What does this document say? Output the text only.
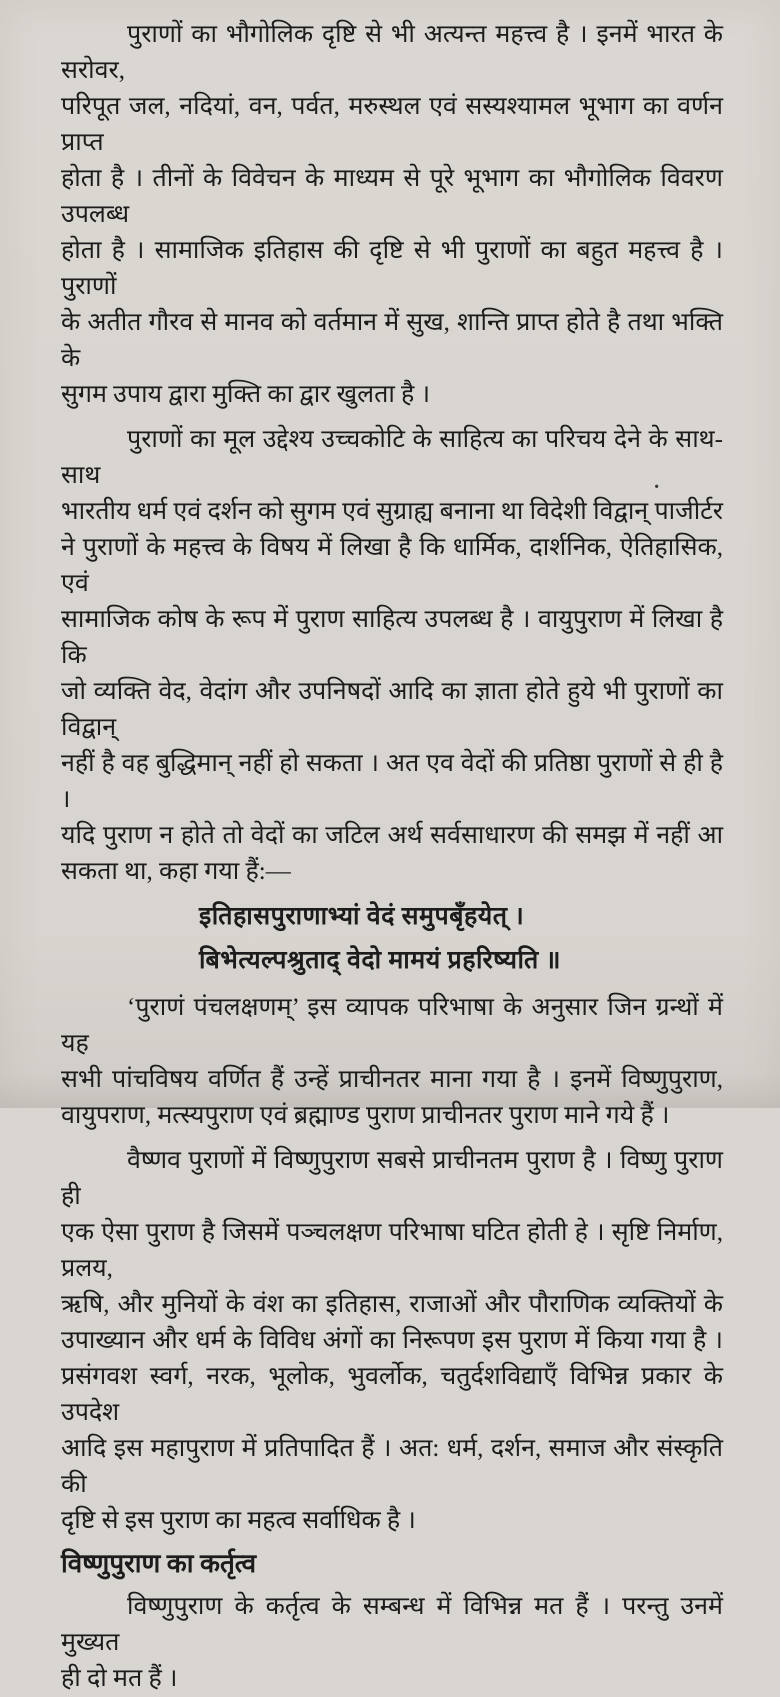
पुराणों का भौगोलिक दृष्टि से भी अत्यन्त महत्त्व है । इनमें भारत के सरोवर,
परिपूत जल, नदियां, वन, पर्वत, मरुस्थल एवं सस्यश्यामल भूभाग का वर्णन प्राप्त
होता है । तीनों के विवेचन के माध्यम से पूरे भूभाग का भौगोलिक विवरण उपलब्ध
होता है । सामाजिक इतिहास की दृष्टि से भी पुराणों का बहुत महत्त्व है । पुराणों
के अतीत गौरव से मानव को वर्तमान में सुख, शान्ति प्राप्त होते है तथा भक्ति के
सुगम उपाय द्वारा मुक्ति का द्वार खुलता है ।
पुराणों का मूल उद्देश्य उच्चकोटि के साहित्य का परिचय देने के साथ-साथ
भारतीय धर्म एवं दर्शन को सुगम एवं सुग्राह्य बनाना था विदेशी विद्वान् पाजीर्टर
ने पुराणों के महत्त्व के विषय में लिखा है कि धार्मिक, दार्शनिक, ऐतिहासिक, एवं
सामाजिक कोष के रूप में पुराण साहित्य उपलब्ध है । वायुपुराण में लिखा है कि
जो व्यक्ति वेद, वेदांग और उपनिषदों आदि का ज्ञाता होते हुये भी पुराणों का विद्वान्
नहीं है वह बुद्धिमान् नहीं हो सकता । अत एव वेदों की प्रतिष्ठा पुराणों से ही है ।
यदि पुराण न होते तो वेदों का जटिल अर्थ सर्वसाधारण की समझ में नहीं आ
सकता था, कहा गया हैं:—
इतिहासपुराणाभ्यां वेदं समुपबृँहयेत् ।
बिभेत्यल्पश्रुताद् वेदो मामयं प्रहरिष्यति ॥
‘पुराणं पंचलक्षणम्’ इस व्यापक परिभाषा के अनुसार जिन ग्रन्थों में यह
सभी पांचविषय वर्णित हैं उन्हें प्राचीनतर माना गया है । इनमें विष्णुपुराण,
वायुपराण, मत्स्यपुराण एवं ब्रह्माण्ड पुराण प्राचीनतर पुराण माने गये हैं ।
वैष्णव पुराणों में विष्णुपुराण सबसे प्राचीनतम पुराण है । विष्णु पुराण ही
एक ऐसा पुराण है जिसमें पञ्चलक्षण परिभाषा घटित होती हे । सृष्टि निर्माण, प्रलय,
ऋषि, और मुनियों के वंश का इतिहास, राजाओं और पौराणिक व्यक्तियों के
उपाख्यान और धर्म के विविध अंगों का निरूपण इस पुराण में किया गया है ।
प्रसंगवश स्वर्ग, नरक, भूलोक, भुवर्लोक, चतुर्दशविद्याएँ विभिन्न प्रकार के उपदेश
आदि इस महापुराण में प्रतिपादित हैं । अत: धर्म, दर्शन, समाज और संस्कृति की
दृष्टि से इस पुराण का महत्व सर्वाधिक है ।
विष्णुपुराण का कर्तृत्व
विष्णुपुराण के कर्तृत्व के सम्बन्ध में विभिन्न मत हैं । परन्तु उनमें मुख्यत
ही दो मत हैं ।
·
